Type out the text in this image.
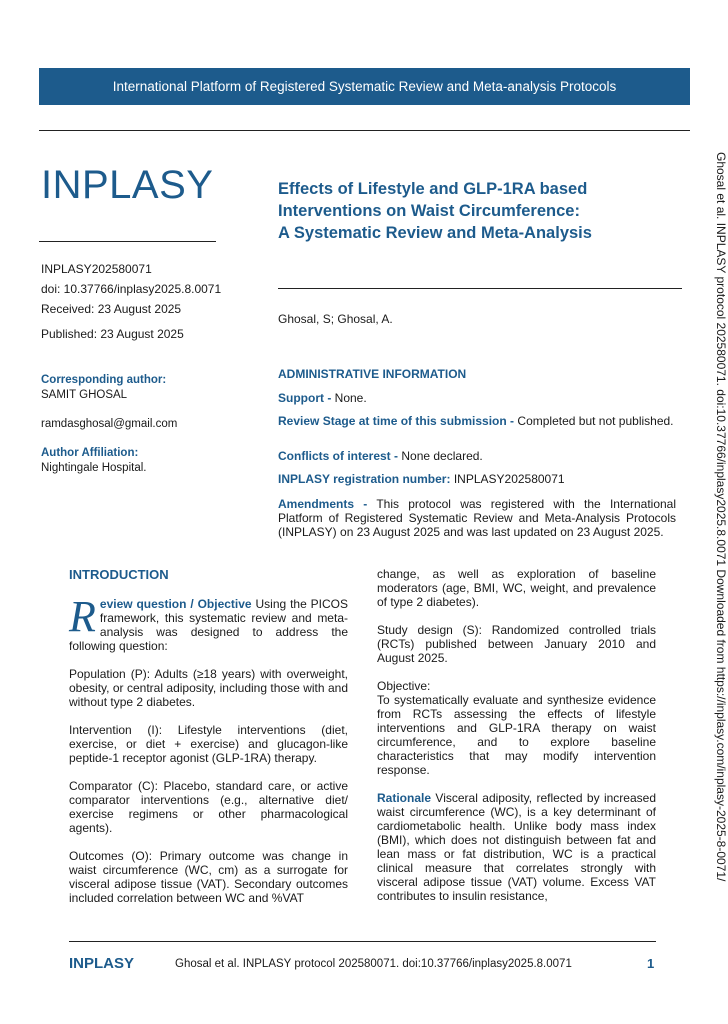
International Platform of Registered Systematic Review and Meta-analysis Protocols
INPLASY
INPLASY202580071
doi: 10.37766/inplasy2025.8.0071
Received: 23 August 2025
Published: 23 August 2025
Corresponding author:
SAMIT GHOSAL
ramdasghosal@gmail.com
Author Affiliation:
Nightingale Hospital.
Effects of Lifestyle and GLP-1RA based
Interventions on Waist Circumference:
A Systematic Review and Meta-Analysis
Ghosal, S; Ghosal, A.
ADMINISTRATIVE INFORMATION
Support - None.
Review Stage at time of this submission - Completed but not published.
Conflicts of interest - None declared.
INPLASY registration number: INPLASY202580071
Amendments - This protocol was registered with the International Platform of Registered Systematic Review and Meta-Analysis Protocols (INPLASY) on 23 August 2025 and was last updated on 23 August 2025.
INTRODUCTION

R eview question / Objective Using the PICOS framework, this systematic review and meta-analysis was designed to address the following question:

Population (P): Adults (≥18 years) with overweight, obesity, or central adiposity, including those with and without type 2 diabetes.

Intervention (I): Lifestyle interventions (diet, exercise, or diet + exercise) and glucagon-like peptide-1 receptor agonist (GLP-1RA) therapy.

Comparator (C): Placebo, standard care, or active comparator interventions (e.g., alternative diet/ exercise regimens or other pharmacological agents).

Outcomes (O): Primary outcome was change in waist circumference (WC, cm) as a surrogate for visceral adipose tissue (VAT). Secondary outcomes included correlation between WC and %VAT

change, as well as exploration of baseline moderators (age, BMI, WC, weight, and prevalence of type 2 diabetes).

Study design (S): Randomized controlled trials (RCTs) published between January 2010 and August 2025.

Objective:
To systematically evaluate and synthesize evidence from RCTs assessing the effects of lifestyle interventions and GLP-1RA therapy on waist circumference, and to explore baseline characteristics that may modify intervention response.

Rationale Visceral adiposity, reflected by increased waist circumference (WC), is a key determinant of cardiometabolic health. Unlike body mass index (BMI), which does not distinguish between fat and lean mass or fat distribution, WC is a practical clinical measure that correlates strongly with visceral adipose tissue (VAT) volume. Excess VAT contributes to insulin resistance,

INPLASY	Ghosal et al. INPLASY protocol 202580071. doi:10.37766/inplasy2025.8.0071	1
Ghosal et al. INPLASY protocol 202580071. doi:10.37766/inplasy2025.8.0071 Downloaded from https://inplasy.com/inplasy-2025-8-0071/
